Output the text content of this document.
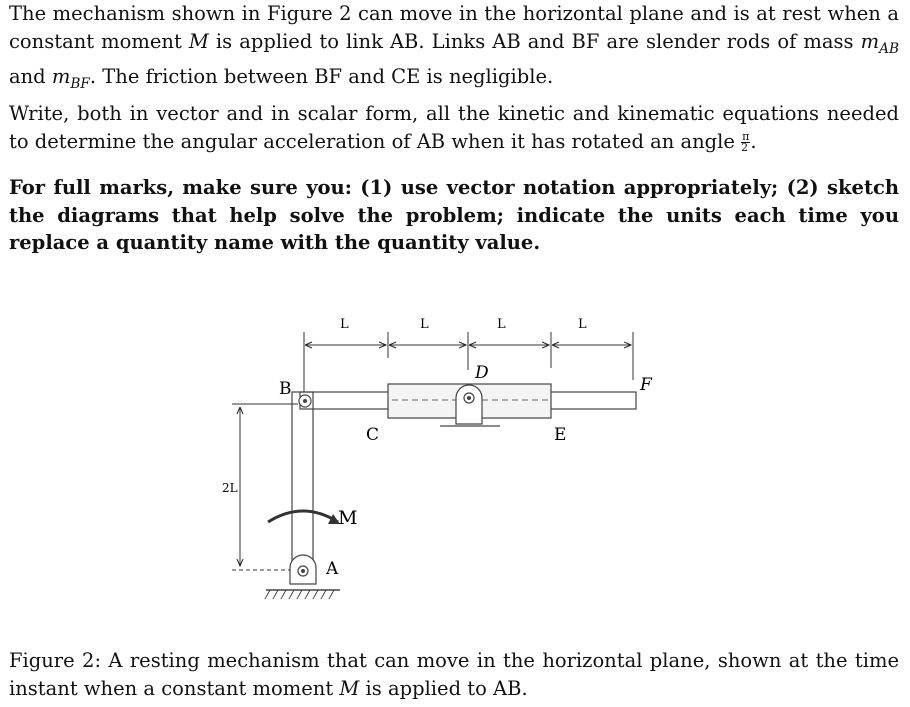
The mechanism shown in Figure 2 can move in the horizontal plane and is at rest when a constant moment M is applied to link AB. Links AB and BF are slender rods of mass $m_{AB}$ and $m_{BF}$. The friction between BF and CE is negligible.
Write, both in vector and in scalar form, all the kinetic and kinematic equations needed to determine the angular acceleration of AB when it has rotated an angle $\frac{\pi}{2}$ .
For full marks, make sure you: (1) use vector notation appropriately; (2) sketch the diagrams that help solve the problem; indicate the units each time you replace a quantity name with the quantity value.
L	L	L	L
2L
B
C
D
E
F
M
A
Figure 2: A resting mechanism that can move in the horizontal plane, shown at the time instant when a constant moment M is applied to AB.
